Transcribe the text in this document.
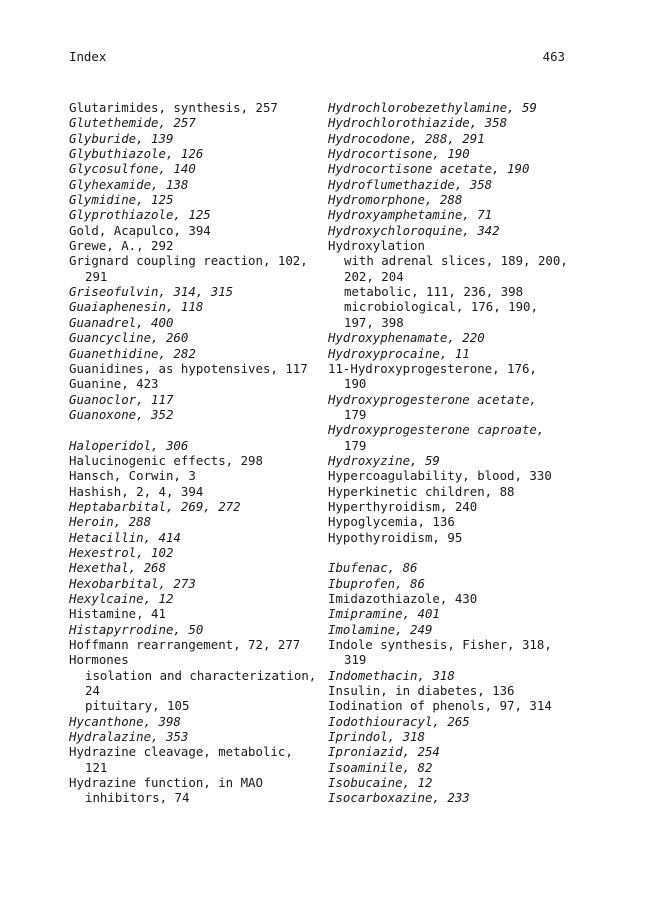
Index	463
Glutarimides, synthesis, 257
Glutethemide, 257
Glyburide, 139
Glybuthiazole, 126
Glycosulfone, 140
Glyhexamide, 138
Glymidine, 125
Glyprothiazole, 125
Gold, Acapulco, 394
Grewe, A., 292
Grignard coupling reaction, 102,
291
Griseofulvin, 314, 315
Guaiaphenesin, 118
Guanadrel, 400
Guancycline, 260
Guanethidine, 282
Guanidines, as hypotensives, 117
Guanine, 423
Guanoclor, 117
Guanoxone, 352
Haloperidol, 306
Halucinogenic effects, 298
Hansch, Corwin, 3
Hashish, 2, 4, 394
Heptabarbital, 269, 272
Heroin, 288
Hetacillin, 414
Hexestrol, 102
Hexethal, 268
Hexobarbital, 273
Hexylcaine, 12
Histamine, 41
Histapyrrodine, 50
Hoffmann rearrangement, 72, 277
Hormones
isolation and characterization,
24
pituitary, 105
Hycanthone, 398
Hydralazine, 353
Hydrazine cleavage, metabolic,
121
Hydrazine function, in MAO
inhibitors, 74
Hydrochlorobezethylamine, 59
Hydrochlorothiazide, 358
Hydrocodone, 288, 291
Hydrocortisone, 190
Hydrocortisone acetate, 190
Hydroflumethazide, 358
Hydromorphone, 288
Hydroxyamphetamine, 71
Hydroxychloroquine, 342
Hydroxylation
with adrenal slices, 189, 200,
202, 204
metabolic, 111, 236, 398
microbiological, 176, 190,
197, 398
Hydroxyphenamate, 220
Hydroxyprocaine, 11
11-Hydroxyprogesterone, 176,
190
Hydroxyprogesterone acetate,
179
Hydroxyprogesterone caproate,
179
Hydroxyzine, 59
Hypercoagulability, blood, 330
Hyperkinetic children, 88
Hyperthyroidism, 240
Hypoglycemia, 136
Hypothyroidism, 95
Ibufenac, 86
Ibuprofen, 86
Imidazothiazole, 430
Imipramine, 401
Imolamine, 249
Indole synthesis, Fisher, 318,
319
Indomethacin, 318
Insulin, in diabetes, 136
Iodination of phenols, 97, 314
Iodothiouracyl, 265
Iprindol, 318
Iproniazid, 254
Isoaminile, 82
Isobucaine, 12
Isocarboxazine, 233
